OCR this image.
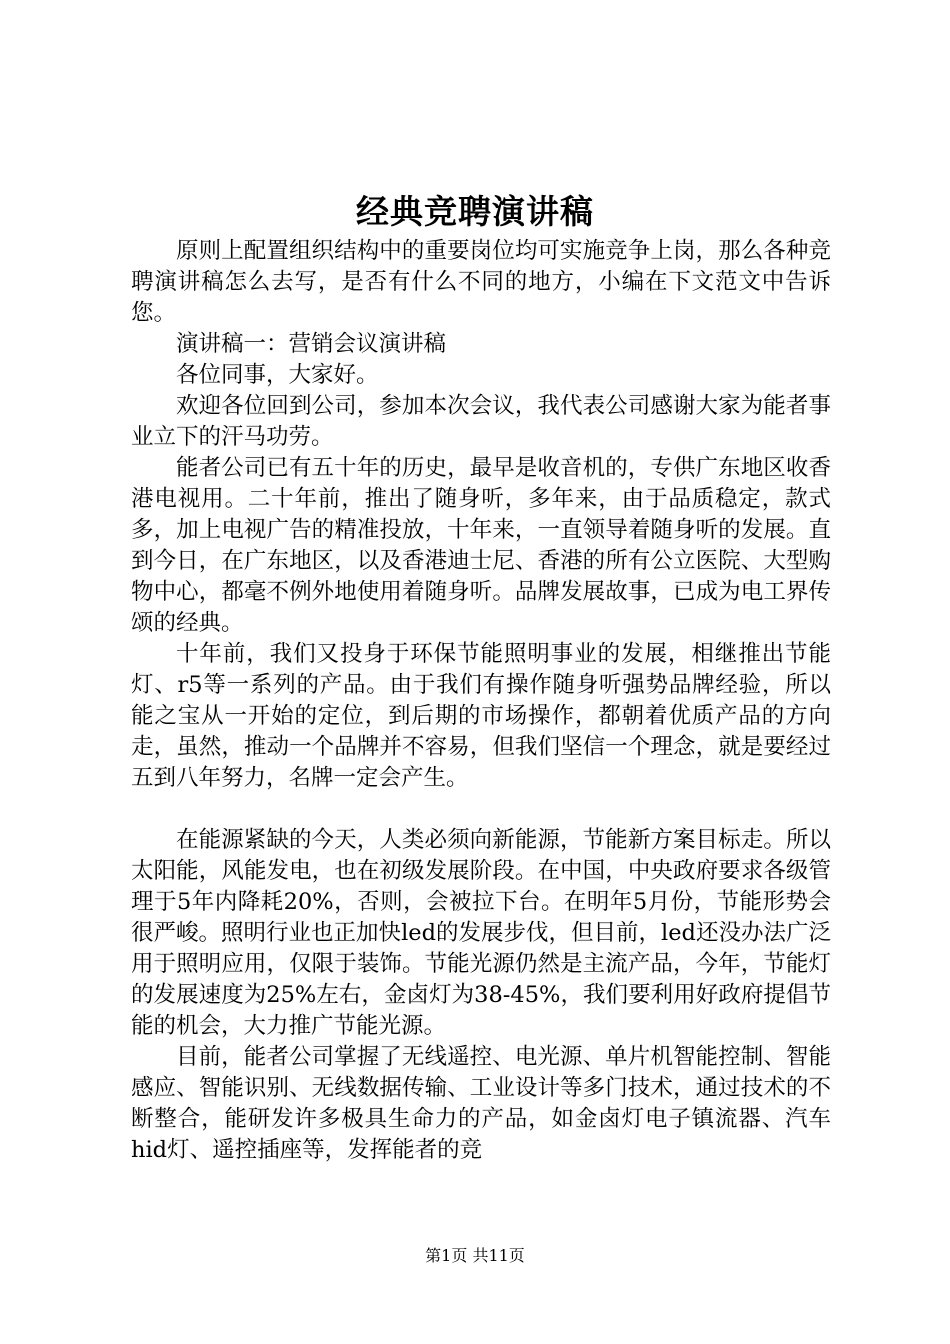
经典竞聘演讲稿

原则上配置组织结构中的重要岗位均可实施竞争上岗，那么各种竞聘演讲稿怎么去写，是否有什么不同的地方，小编在下文范文中告诉您。

演讲稿一：营销会议演讲稿

各位同事，大家好。

欢迎各位回到公司，参加本次会议，我代表公司感谢大家为能者事业立下的汗马功劳。

能者公司已有五十年的历史，最早是收音机的，专供广东地区收香港电视用。二十年前，推出了随身听，多年来，由于品质稳定，款式多，加上电视广告的精准投放，十年来，一直领导着随身听的发展。直到今日，在广东地区，以及香港迪士尼、香港的所有公立医院、大型购物中心，都毫不例外地使用着随身听。品牌发展故事，已成为电工界传颂的经典。

十年前，我们又投身于环保节能照明事业的发展，相继推出节能灯、r5等一系列的产品。由于我们有操作随身听强势品牌经验，所以能之宝从一开始的定位，到后期的市场操作，都朝着优质产品的方向走，虽然，推动一个品牌并不容易，但我们坚信一个理念，就是要经过五到八年努力，名牌一定会产生。

在能源紧缺的今天，人类必须向新能源，节能新方案目标走。所以太阳能，风能发电，也在初级发展阶段。在中国，中央政府要求各级管理于5年内降耗20%，否则，会被拉下台。在明年5月份，节能形势会很严峻。照明行业也正加快led的发展步伐，但目前，led还没办法广泛用于照明应用，仅限于装饰。节能光源仍然是主流产品，今年，节能灯的发展速度为25%左右，金卤灯为38-45%，我们要利用好政府提倡节能的机会，大力推广节能光源。

目前，能者公司掌握了无线遥控、电光源、单片机智能控制、智能感应、智能识别、无线数据传输、工业设计等多门技术，通过技术的不断整合，能研发许多极具生命力的产品，如金卤灯电子镇流器、汽车hid灯、遥控插座等，发挥能者的竞

第1页 共11页
